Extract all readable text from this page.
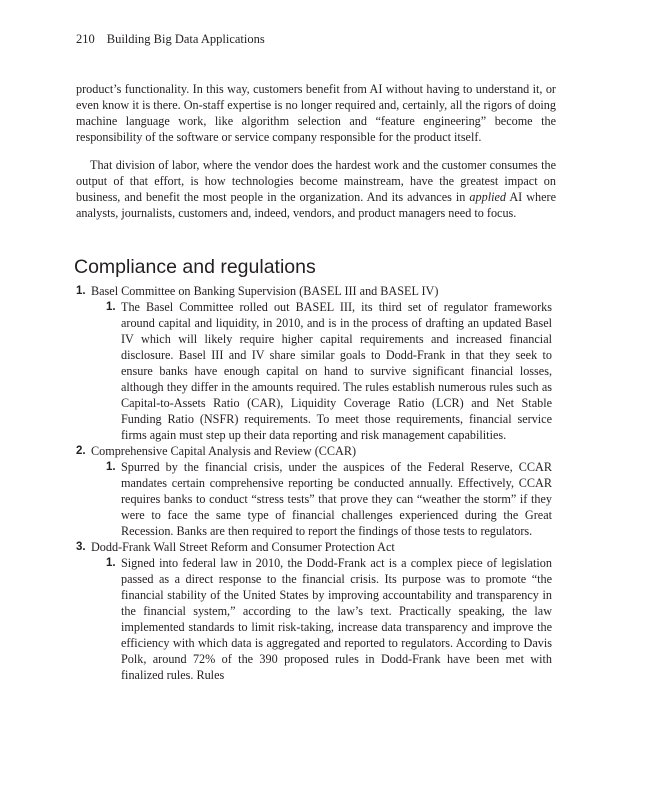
210 Building Big Data Applications

product’s functionality. In this way, customers benefit from AI without having to understand it, or even know it is there. On-staff expertise is no longer required and, certainly, all the rigors of doing machine language work, like algorithm selection and “feature engineering” become the responsibility of the software or service company responsible for the product itself.

That division of labor, where the vendor does the hardest work and the customer consumes the output of that effort, is how technologies become mainstream, have the greatest impact on business, and benefit the most people in the organization. And its advances in applied AI where analysts, journalists, customers and, indeed, vendors, and product managers need to focus.

Compliance and regulations
1. Basel Committee on Banking Supervision (BASEL III and BASEL IV)
1. The Basel Committee rolled out BASEL III, its third set of regulator frameworks around capital and liquidity, in 2010, and is in the process of drafting an updated Basel IV which will likely require higher capital requirements and increased financial disclosure. Basel III and IV share similar goals to Dodd-Frank in that they seek to ensure banks have enough capital on hand to survive significant financial losses, although they differ in the amounts required. The rules establish numerous rules such as Capital-to-Assets Ratio (CAR), Liquidity Coverage Ratio (LCR) and Net Stable Funding Ratio (NSFR) requirements. To meet those requirements, financial service firms again must step up their data reporting and risk management capabilities.
2. Comprehensive Capital Analysis and Review (CCAR)
1. Spurred by the financial crisis, under the auspices of the Federal Reserve, CCAR mandates certain comprehensive reporting be conducted annually. Effectively, CCAR requires banks to conduct “stress tests” that prove they can “weather the storm” if they were to face the same type of financial challenges experienced during the Great Recession. Banks are then required to report the findings of those tests to regulators.
3. Dodd-Frank Wall Street Reform and Consumer Protection Act
1. Signed into federal law in 2010, the Dodd-Frank act is a complex piece of legislation passed as a direct response to the financial crisis. Its purpose was to promote “the financial stability of the United States by improving accountability and transparency in the financial system,” according to the law’s text. Practically speaking, the law implemented standards to limit risk-taking, increase data transparency and improve the efficiency with which data is aggregated and reported to regulators. According to Davis Polk, around 72% of the 390 proposed rules in Dodd-Frank have been met with finalized rules. Rules
